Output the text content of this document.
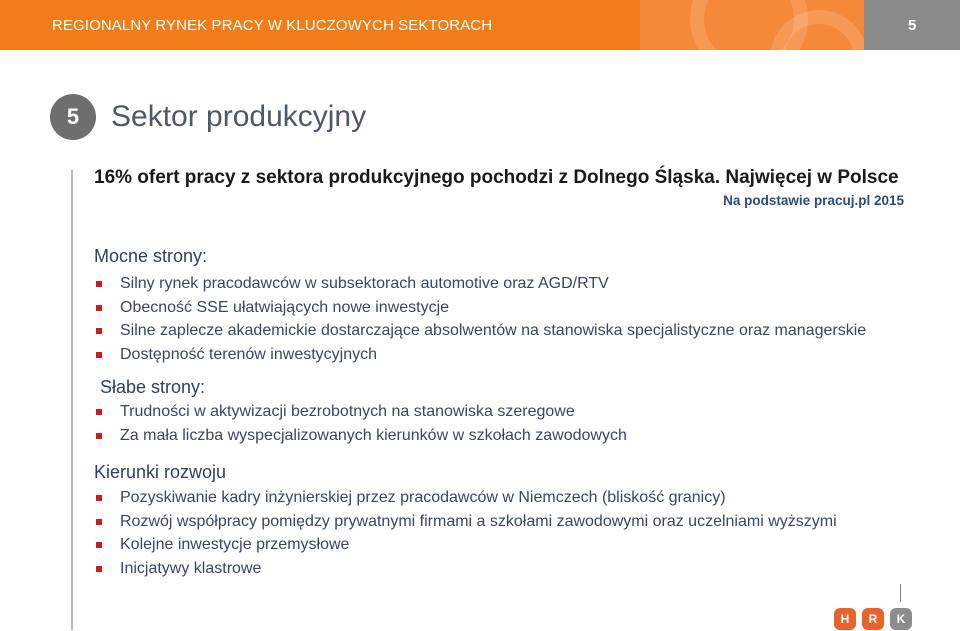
REGIONALNY RYNEK PRACY W KLUCZOWYCH SEKTORACH	5
5	Sektor produkcyjny
16% ofert pracy z sektora produkcyjnego pochodzi z Dolnego Śląska. Najwięcej w Polsce
Na podstawie pracuj.pl 2015
Mocne strony:
Silny rynek pracodawców w subsektorach automotive oraz AGD/RTV
Obecność SSE ułatwiających nowe inwestycje
Silne zaplecze akademickie dostarczające absolwentów na stanowiska specjalistyczne oraz managerskie
Dostępność terenów inwestycyjnych
Słabe strony:
Trudności w aktywizacji bezrobotnych na stanowiska szeregowe
Za mała liczba wyspecjalizowanych kierunków w szkołach zawodowych
Kierunki rozwoju
Pozyskiwanie kadry inżynierskiej przez pracodawców w Niemczech (bliskość granicy)
Rozwój współpracy pomiędzy prywatnymi firmami a szkołami zawodowymi oraz uczelniami wyższymi
Kolejne inwestycje przemysłowe
Inicjatywy klastrowe
H	R	K
